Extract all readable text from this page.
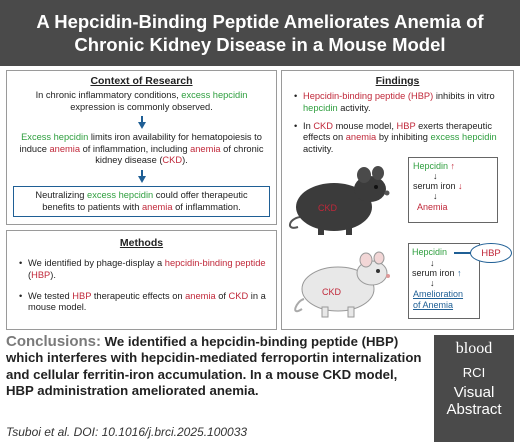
A Hepcidin-Binding Peptide Ameliorates Anemia of
Chronic Kidney Disease in a Mouse Model
Context of Research

In chronic inflammatory conditions, excess hepcidin expression is commonly observed.

Excess hepcidin limits iron availability for hematopoiesis to induce anemia of inflammation, including anemia of chronic kidney disease (CKD).

Neutralizing excess hepcidin could offer therapeutic benefits to patients with anemia of inflammation.

Methods
• We identified by phage-display a hepcidin-binding peptide (HBP).
• We tested HBP therapeutic effects on anemia of CKD in a mouse model.
Findings
• Hepcidin-binding peptide (HBP) inhibits in vitro hepcidin activity.
• In CKD mouse model, HBP exerts therapeutic effects on anemia by inhibiting excess hepcidin activity.
CKD
Hepcidin ↑
↓
serum iron ↓
↓
Anemia
CKD
Hepcidin	HBP
↓
serum iron ↑
↓
Amelioration
of Anemia

Conclusions: We identified a hepcidin-binding peptide (HBP) which interferes with hepcidin-mediated ferroportin internalization and cellular ferritin-iron accumulation. In a mouse CKD model, HBP administration ameliorated anemia.

Tsuboi et al. DOI: 10.1016/j.brci.2025.100033
blood
RCI
Visual
Abstract
